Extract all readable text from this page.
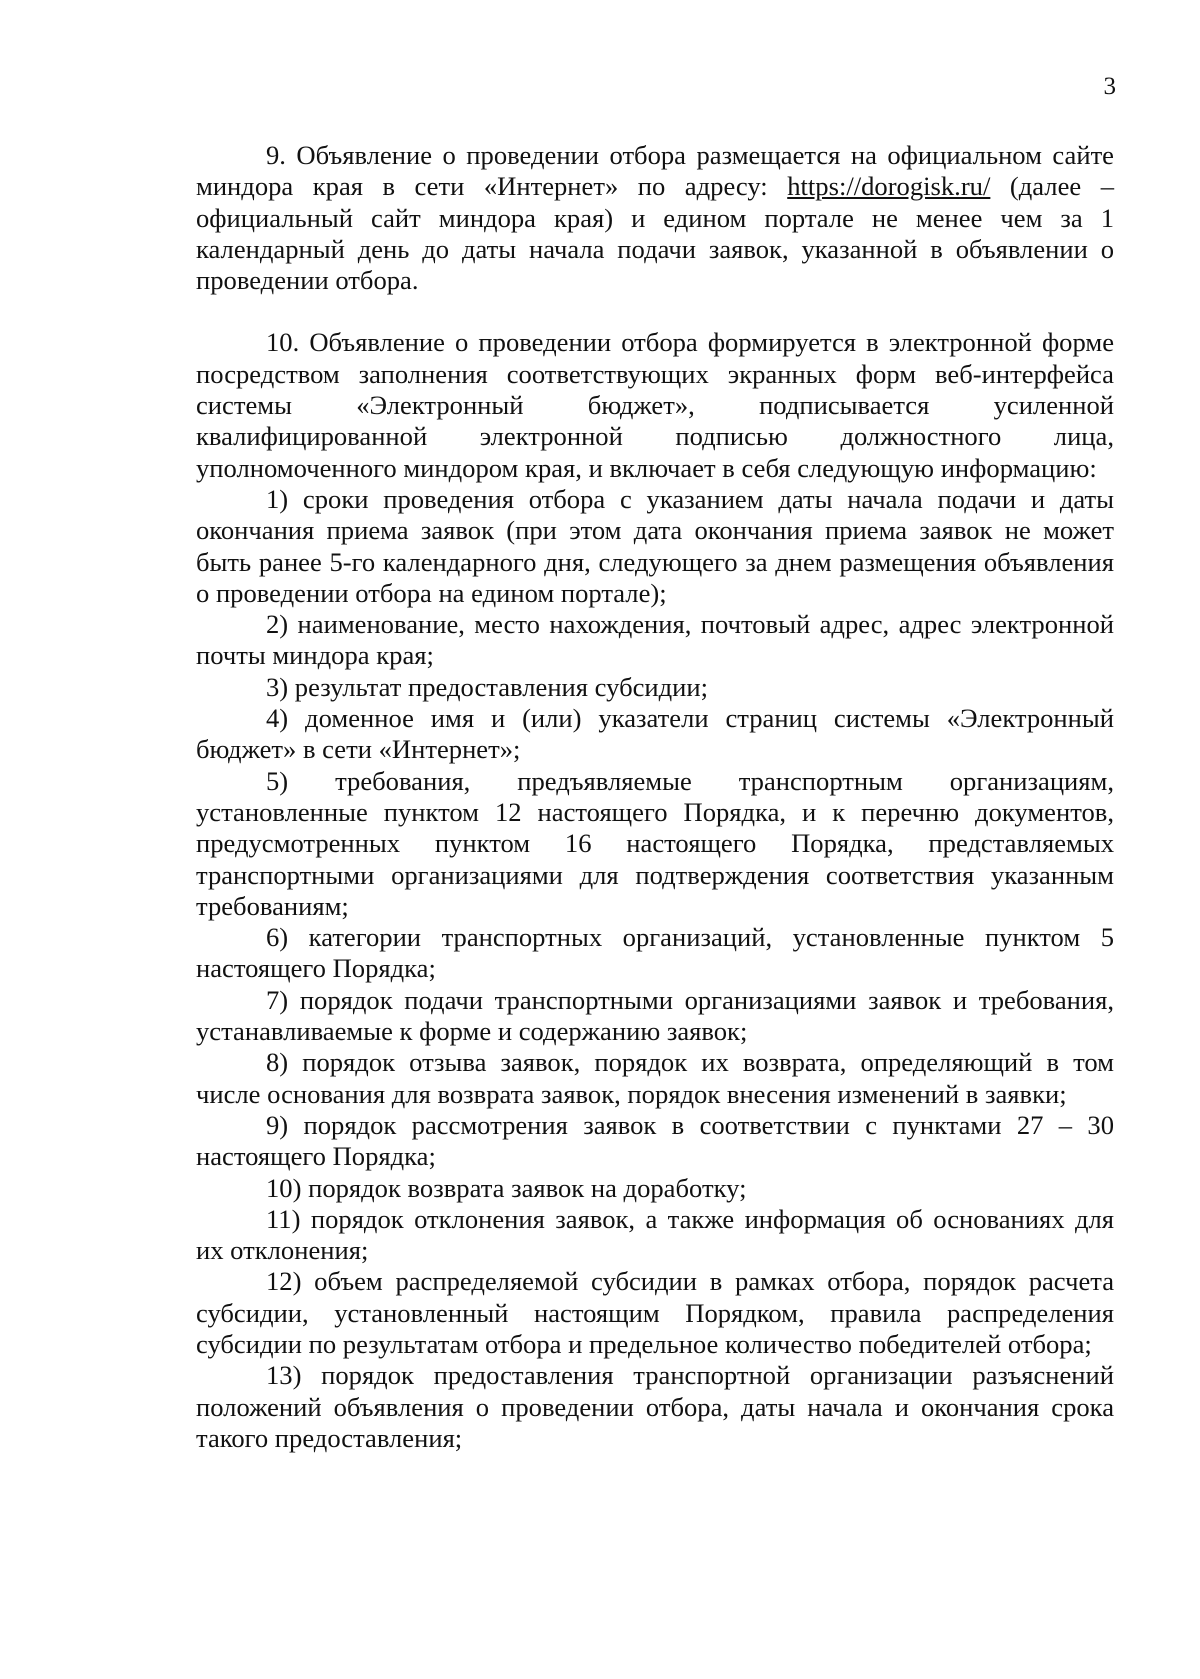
3

9. Объявление о проведении отбора размещается на официальном сайте миндора края в сети «Интернет» по адресу: https://dorogisk.ru/ (далее – официальный сайт миндора края) и едином портале не менее чем за 1 календарный день до даты начала подачи заявок, указанной в объявлении о проведении отбора.

10. Объявление о проведении отбора формируется в электронной форме посредством заполнения соответствующих экранных форм веб-интерфейса системы «Электронный бюджет», подписывается усиленной квалифицированной электронной подписью должностного лица, уполномоченного миндором края, и включает в себя следующую информацию:

1) сроки проведения отбора с указанием даты начала подачи и даты окончания приема заявок (при этом дата окончания приема заявок не может быть ранее 5-го календарного дня, следующего за днем размещения объявления о проведении отбора на едином портале);

2) наименование, место нахождения, почтовый адрес, адрес электронной почты миндора края;

3) результат предоставления субсидии;

4) доменное имя и (или) указатели страниц системы «Электронный бюджет» в сети «Интернет»;

5) требования, предъявляемые транспортным организациям, установленные пунктом 12 настоящего Порядка, и к перечню документов, предусмотренных пунктом 16 настоящего Порядка, представляемых транспортными организациями для подтверждения соответствия указанным требованиям;

6) категории транспортных организаций, установленные пунктом 5 настоящего Порядка;

7) порядок подачи транспортными организациями заявок и требования, устанавливаемые к форме и содержанию заявок;

8) порядок отзыва заявок, порядок их возврата, определяющий в том числе основания для возврата заявок, порядок внесения изменений в заявки;

9) порядок рассмотрения заявок в соответствии с пунктами 27 – 30 настоящего Порядка;

10) порядок возврата заявок на доработку;

11) порядок отклонения заявок, а также информация об основаниях для их отклонения;

12) объем распределяемой субсидии в рамках отбора, порядок расчета субсидии, установленный настоящим Порядком, правила распределения субсидии по результатам отбора и предельное количество победителей отбора;

13) порядок предоставления транспортной организации разъяснений положений объявления о проведении отбора, даты начала и окончания срока такого предоставления;
